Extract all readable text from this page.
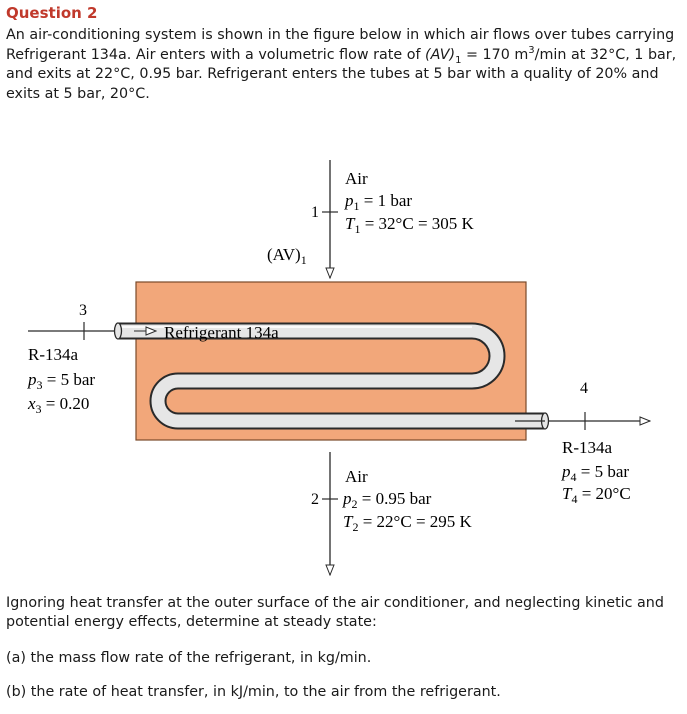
Question 2
An air-conditioning system is shown in the figure below in which air flows over tubes carrying Refrigerant 134a. Air enters with a volumetric flow rate of $(AV)_1 = 170$ $m^3/\min$ at 32°C, 1 bar, and exits at 22°C, 0.95 bar. Refrigerant enters the tubes at 5 bar with a quality of 20% and exits at 5 bar, 20°C.
1
Air
$p_1 = 1$ bar
$T_1 = 32^\circ C = 305$ K
$(AV)_1$
Refrigerant 134a
3
R-134a
$p_3 = 5$ bar
$x_3 = 0.20$
4
R-134a
$p_4 = 5$ bar
$T_4 = 20^\circ C$
Air
2 $p_2 = 0.95$ bar
$T_2 = 22^\circ C = 295$ K
Ignoring heat transfer at the outer surface of the air conditioner, and neglecting kinetic and potential energy effects, determine at steady state:
(a) the mass flow rate of the refrigerant, in kg/min.
(b) the rate of heat transfer, in kJ/min, to the air from the refrigerant.
